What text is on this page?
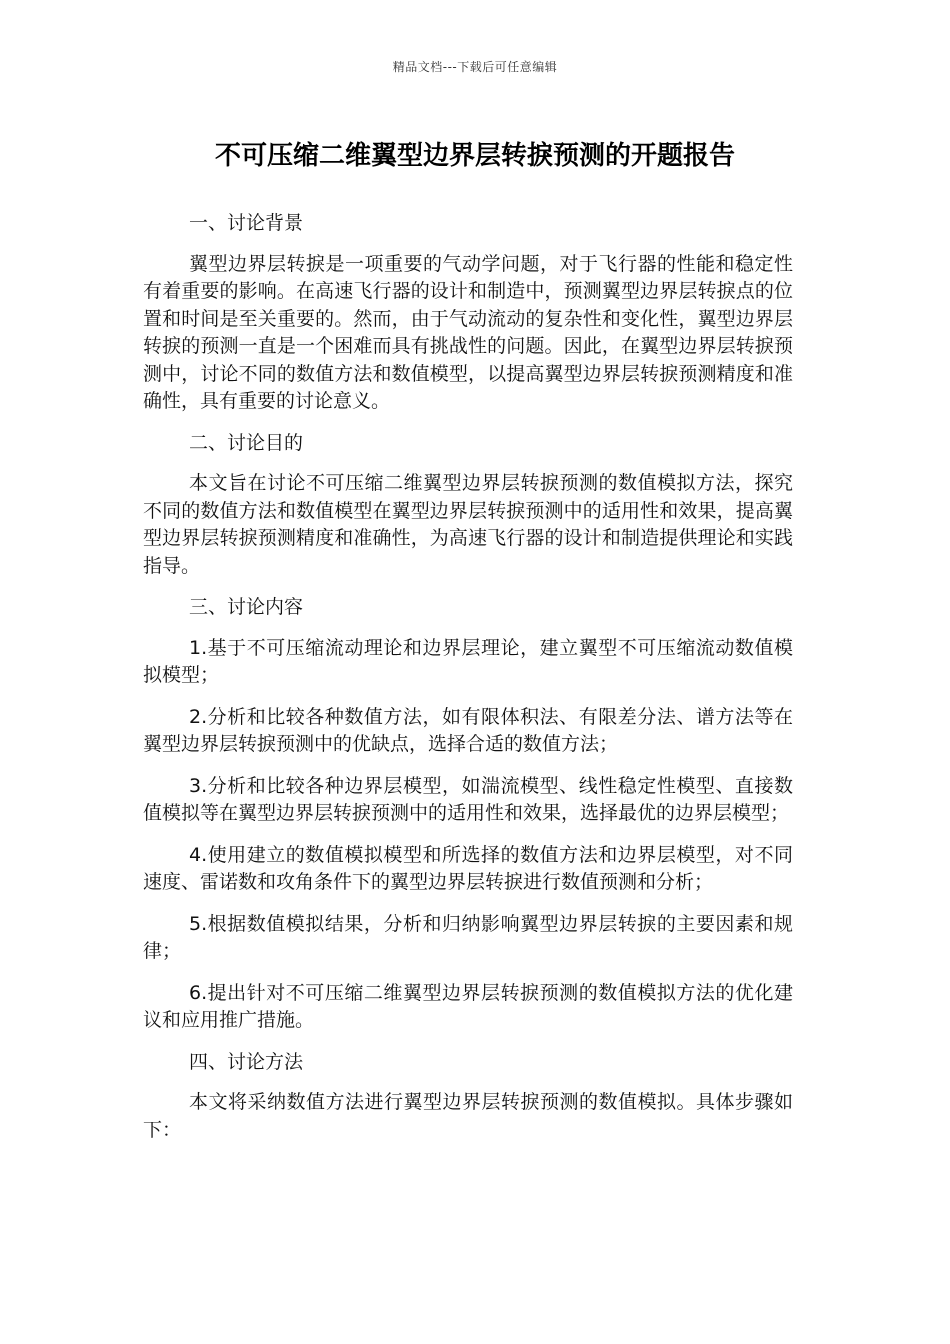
精品文档---下载后可任意编辑
不可压缩二维翼型边界层转捩预测的开题报告
一、讨论背景

翼型边界层转捩是一项重要的气动学问题，对于飞行器的性能和稳定性有着重要的影响。在高速飞行器的设计和制造中，预测翼型边界层转捩点的位置和时间是至关重要的。然而，由于气动流动的复杂性和变化性，翼型边界层转捩的预测一直是一个困难而具有挑战性的问题。因此，在翼型边界层转捩预测中，讨论不同的数值方法和数值模型，以提高翼型边界层转捩预测精度和准确性，具有重要的讨论意义。

二、讨论目的

本文旨在讨论不可压缩二维翼型边界层转捩预测的数值模拟方法，探究不同的数值方法和数值模型在翼型边界层转捩预测中的适用性和效果，提高翼型边界层转捩预测精度和准确性，为高速飞行器的设计和制造提供理论和实践指导。

三、讨论内容

1.基于不可压缩流动理论和边界层理论，建立翼型不可压缩流动数值模拟模型；

2.分析和比较各种数值方法，如有限体积法、有限差分法、谱方法等在翼型边界层转捩预测中的优缺点，选择合适的数值方法；

3.分析和比较各种边界层模型，如湍流模型、线性稳定性模型、直接数值模拟等在翼型边界层转捩预测中的适用性和效果，选择最优的边界层模型；

4.使用建立的数值模拟模型和所选择的数值方法和边界层模型，对不同速度、雷诺数和攻角条件下的翼型边界层转捩进行数值预测和分析；

5.根据数值模拟结果，分析和归纳影响翼型边界层转捩的主要因素和规律；

6.提出针对不可压缩二维翼型边界层转捩预测的数值模拟方法的优化建议和应用推广措施。

四、讨论方法

本文将采纳数值方法进行翼型边界层转捩预测的数值模拟。具体步骤如下：
